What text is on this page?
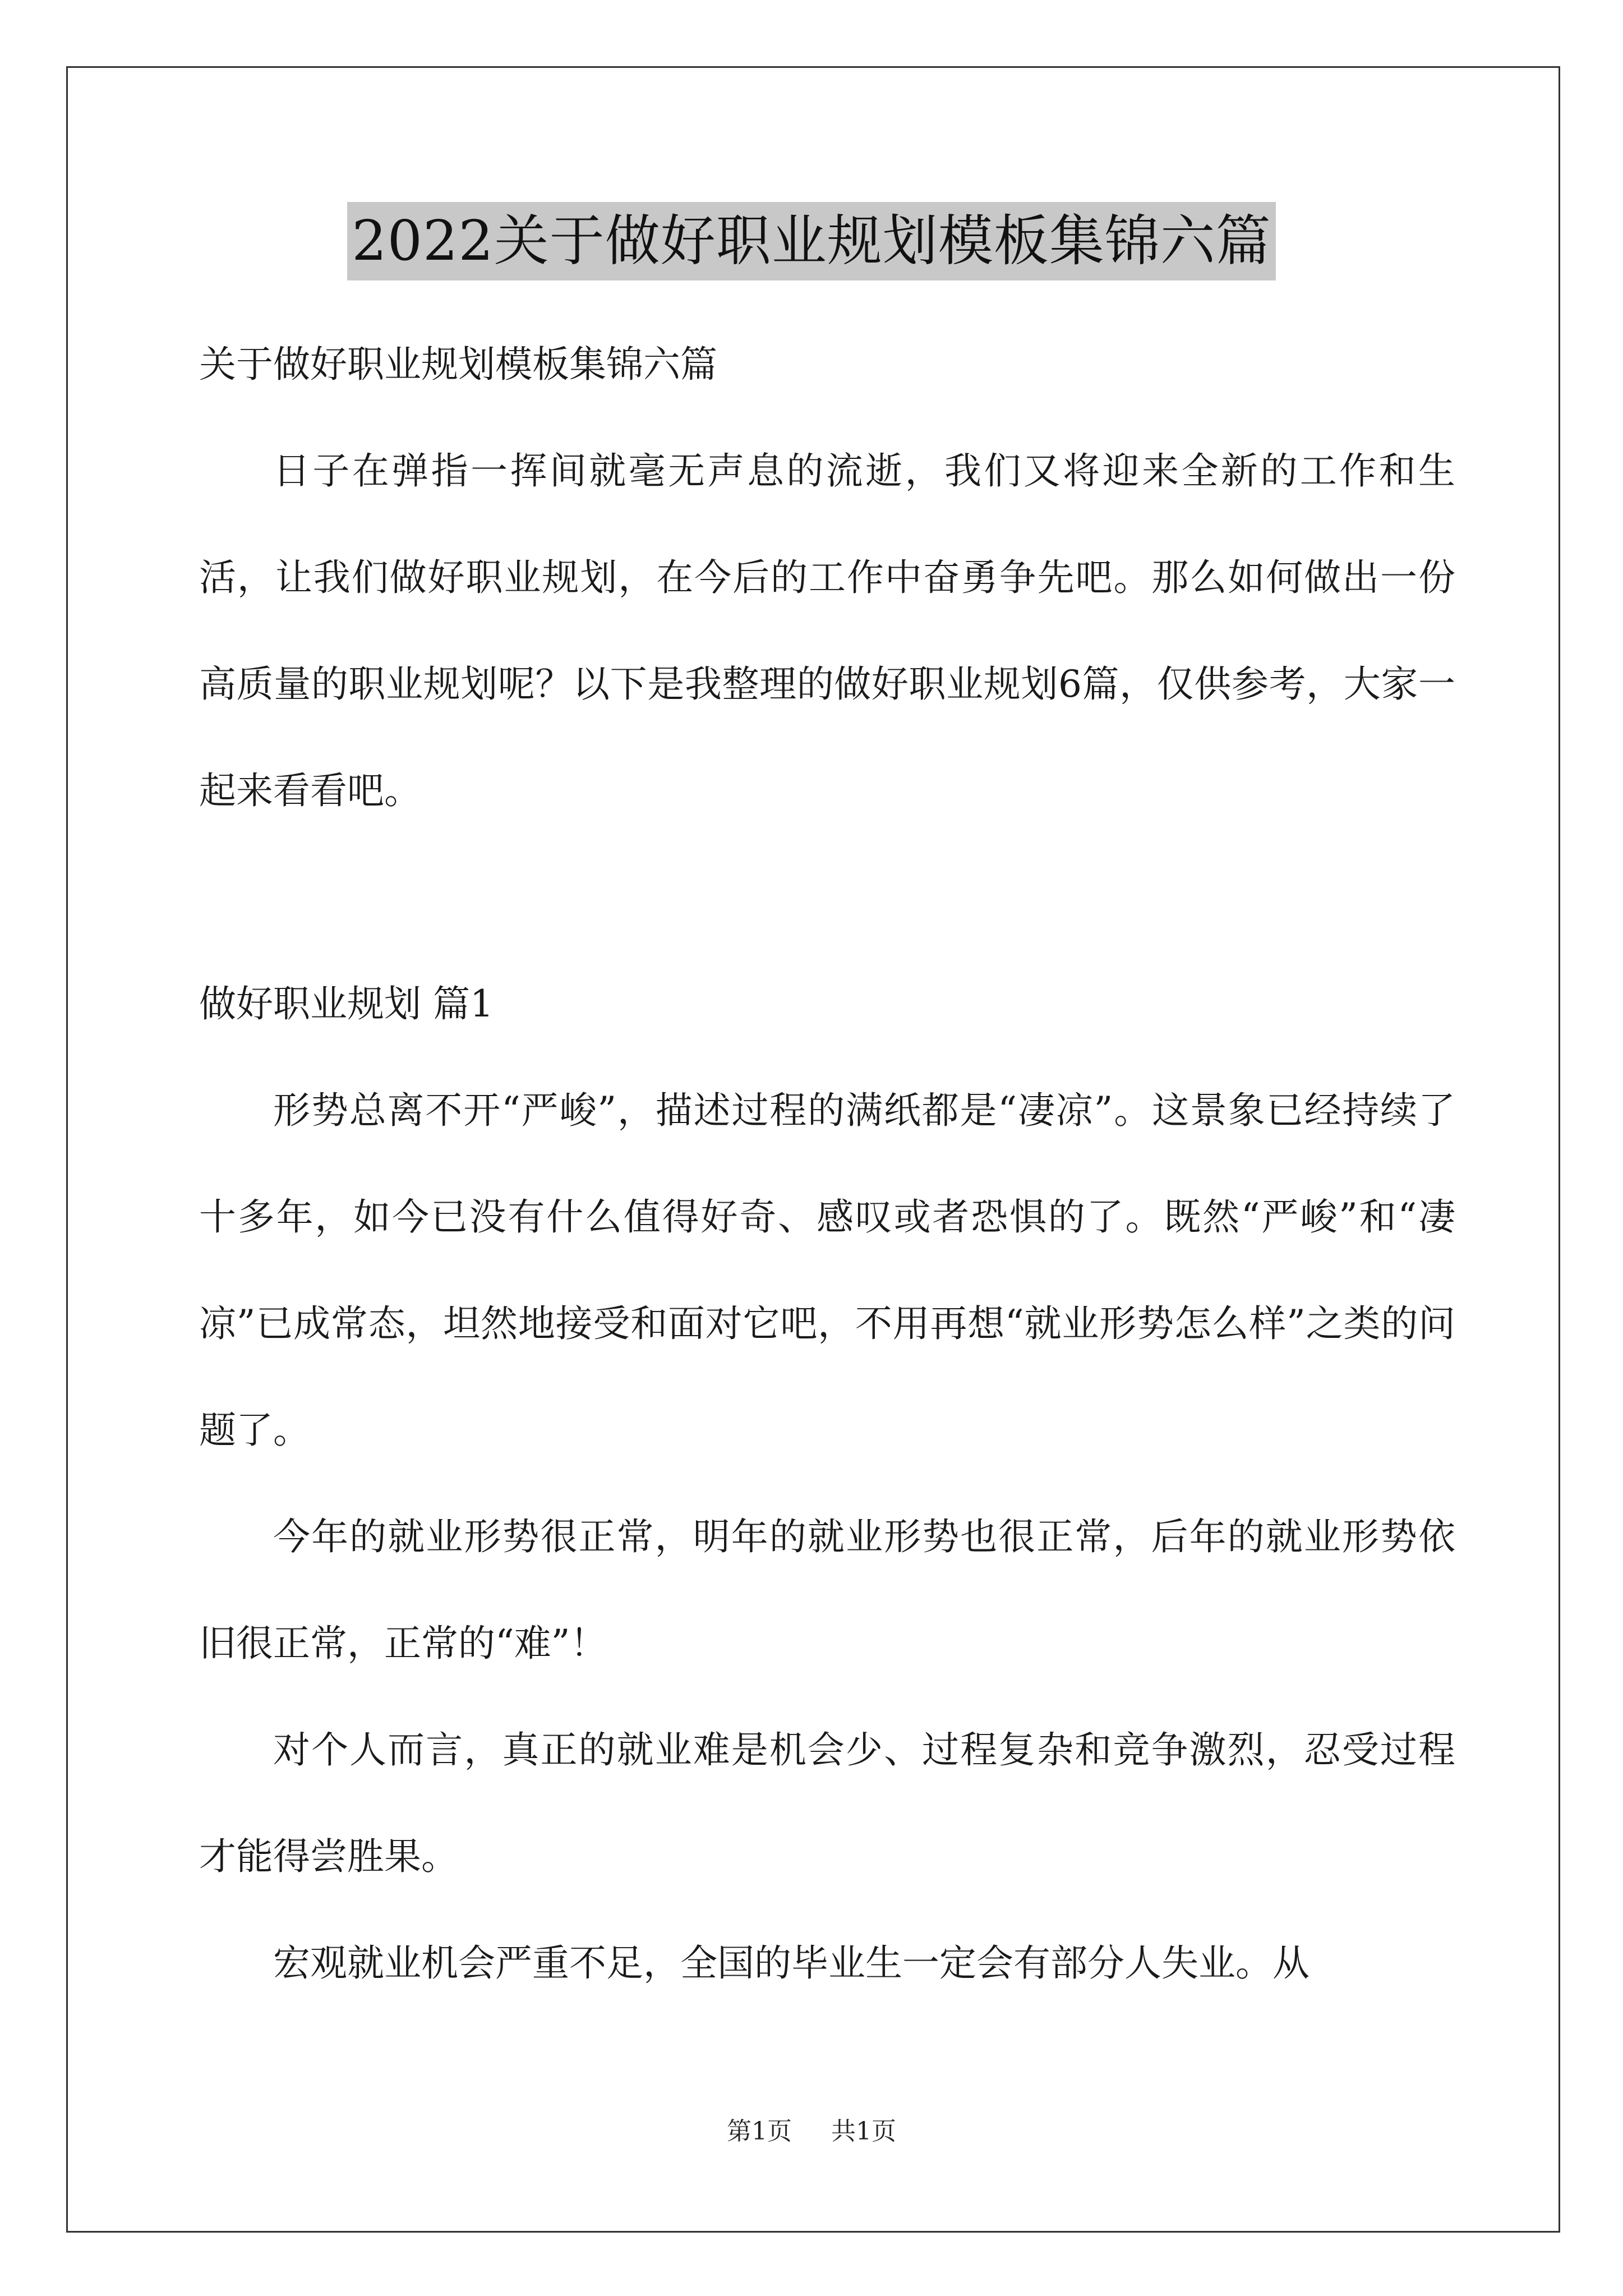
2022关于做好职业规划模板集锦六篇

关于做好职业规划模板集锦六篇

日子在弹指一挥间就毫无声息的流逝，我们又将迎来全新的工作和生活，让我们做好职业规划，在今后的工作中奋勇争先吧。那么如何做出一份高质量的职业规划呢？以下是我整理的做好职业规划6篇，仅供参考，大家一起来看看吧。

做好职业规划 篇1

形势总离不开“严峻”，描述过程的满纸都是“凄凉”。这景象已经持续了十多年，如今已没有什么值得好奇、感叹或者恐惧的了。既然“严峻”和“凄凉”已成常态，坦然地接受和面对它吧，不用再想“就业形势怎么样”之类的问题了。

今年的就业形势很正常，明年的就业形势也很正常，后年的就业形势依旧很正常，正常的“难”！

对个人而言，真正的就业难是机会少、过程复杂和竞争激烈，忍受过程才能得尝胜果。

宏观就业机会严重不足，全国的毕业生一定会有部分人失业。从

第1页 共1页
